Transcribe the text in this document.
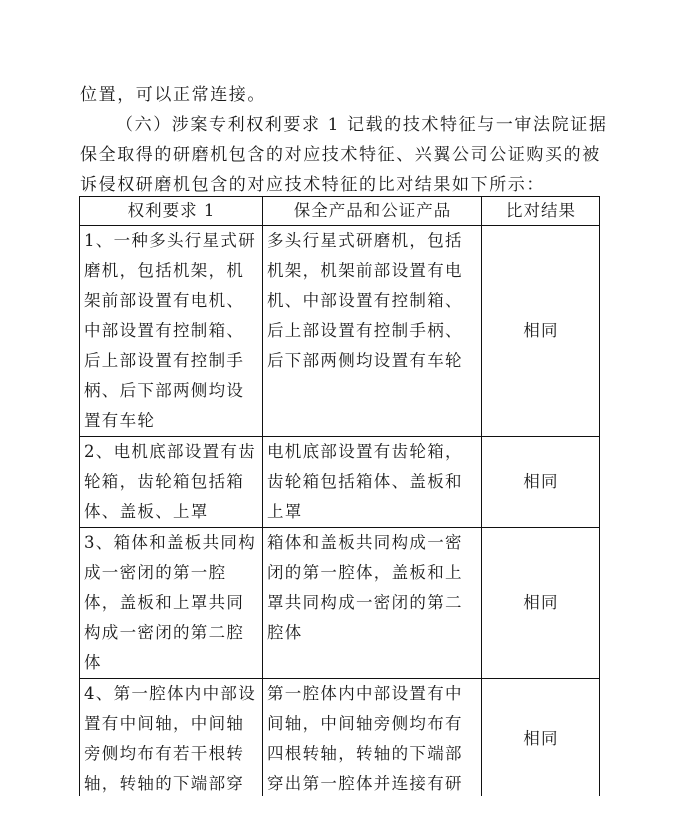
位置，可以正常连接。
（六）涉案专利权利要求 1 记载的技术特征与一审法院证据
保全取得的研磨机包含的对应技术特征、兴翼公司公证购买的被
诉侵权研磨机包含的对应技术特征的比对结果如下所示：
权利要求 1	保全产品和公证产品	比对结果
1、一种多头行星式研磨机，包括机架，机架前部设置有电机、中部设置有控制箱、后上部设置有控制手柄、后下部两侧均设置有车轮	多头行星式研磨机，包括机架，机架前部设置有电机、中部设置有控制箱、后上部设置有控制手柄、后下部两侧均设置有车轮	相同
2、电机底部设置有齿轮箱，齿轮箱包括箱体、盖板、上罩	电机底部设置有齿轮箱，齿轮箱包括箱体、盖板和上罩	相同
3、箱体和盖板共同构成一密闭的第一腔体，盖板和上罩共同构成一密闭的第二腔体	箱体和盖板共同构成一密闭的第一腔体，盖板和上罩共同构成一密闭的第二腔体	相同
4、第一腔体内中部设置有中间轴，中间轴旁侧均布有若干根转轴，转轴的下端部穿	第一腔体内中部设置有中间轴，中间轴旁侧均布有四根转轴，转轴的下端部穿出第一腔体并连接有研	相同
